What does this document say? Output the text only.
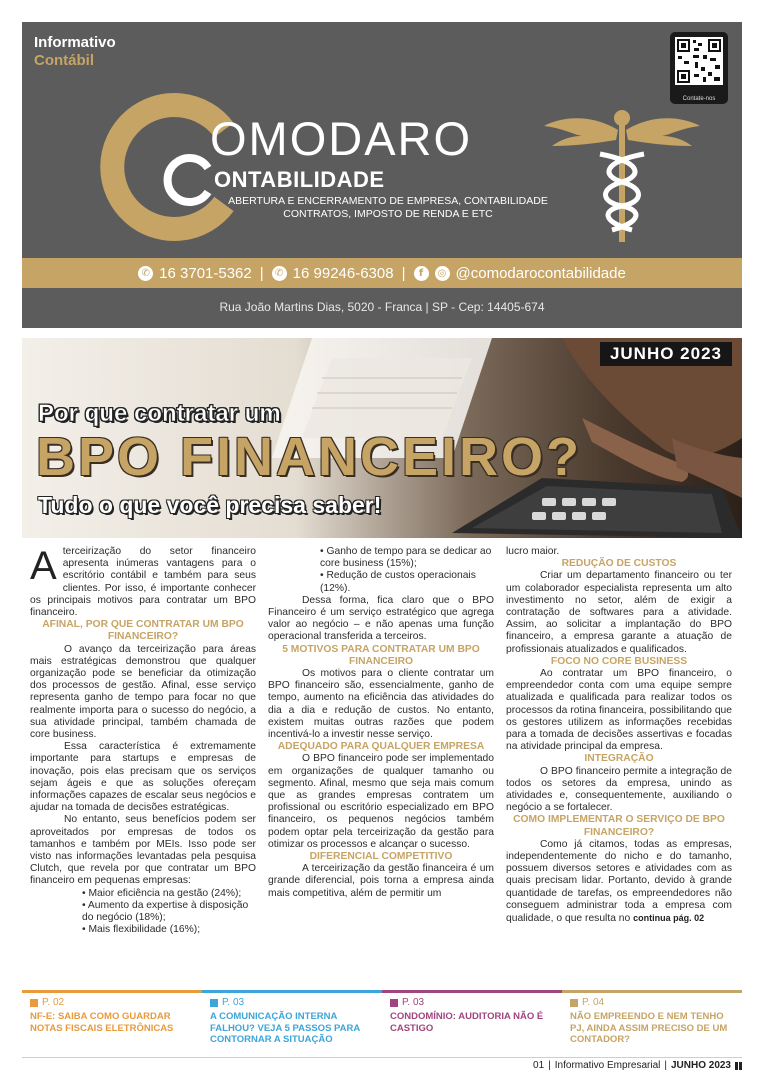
Informativo
Contábil
Contate-nos
OMODARO
ONTABILIDADE
ABERTURA E ENCERRAMENTO DE EMPRESA, CONTABILIDADE
CONTRATOS, IMPOSTO DE RENDA E ETC
✆ 16 3701-5362 |	✆ 16 99246-6308 |	f	◎ @comodarocontabilidade
Rua João Martins Dias, 5020 - Franca | SP - Cep: 14405-674
JUNHO 2023
Por que contratar um
BPO FINANCEIRO?
Tudo o que você precisa saber!

Aterceirização do setor financeiro apresenta inúmeras vantagens para o escritório contábil e também para seus clientes. Por isso, é importante conhecer os principais motivos para contratar um BPO financeiro.

AFINAL, POR QUE CONTRATAR UM BPO FINANCEIRO?

O avanço da terceirização para áreas mais estratégicas demonstrou que qualquer organização pode se beneficiar da otimização dos processos de gestão. Afinal, esse serviço representa ganho de tempo para focar no que realmente importa para o sucesso do negócio, a sua atividade principal, também chamada de core business.

Essa característica é extremamente importante para startups e empresas de inovação, pois elas precisam que os serviços sejam ágeis e que as soluções ofereçam informações capazes de escalar seus negócios e ajudar na tomada de decisões estratégicas.

No entanto, seus benefícios podem ser aproveitados por empresas de todos os tamanhos e também por MEIs. Isso pode ser visto nas informações levantadas pela pesquisa Clutch, que revela por que contratar um BPO financeiro em pequenas empresas:

• Maior eficiência na gestão (24%);

• Aumento da expertise à disposição do negócio (18%);

• Mais flexibilidade (16%);

• Ganho de tempo para se dedicar ao core business (15%);

• Redução de custos operacionais (12%).

Dessa forma, fica claro que o BPO Financeiro é um serviço estratégico que agrega valor ao negócio – e não apenas uma função operacional transferida a terceiros.

5 MOTIVOS PARA CONTRATAR UM BPO FINANCEIRO

Os motivos para o cliente contratar um BPO financeiro são, essencialmente, ganho de tempo, aumento na eficiência das atividades do dia a dia e redução de custos. No entanto, existem muitas outras razões que podem incentivá-lo a investir nesse serviço.

ADEQUADO PARA QUALQUER EMPRESA

O BPO financeiro pode ser implementado em organizações de qualquer tamanho ou segmento. Afinal, mesmo que seja mais comum que as grandes empresas contratem um profissional ou escritório especializado em BPO financeiro, os pequenos negócios também podem optar pela terceirização da gestão para otimizar os processos e alcançar o sucesso.

DIFERENCIAL COMPETITIVO

A terceirização da gestão financeira é um grande diferencial, pois torna a empresa ainda mais competitiva, além de permitir um

lucro maior.

REDUÇÃO DE CUSTOS

Criar um departamento financeiro ou ter um colaborador especialista representa um alto investimento no setor, além de exigir a contratação de softwares para a atividade. Assim, ao solicitar a implantação do BPO financeiro, a empresa garante a atuação de profissionais atualizados e qualificados.

FOCO NO CORE BUSINESS

Ao contratar um BPO financeiro, o empreendedor conta com uma equipe sempre atualizada e qualificada para realizar todos os processos da rotina financeira, possibilitando que os gestores utilizem as informações recebidas para a tomada de decisões assertivas e focadas na atividade principal da empresa.

INTEGRAÇÃO

O BPO financeiro permite a integração de todos os setores da empresa, unindo as atividades e, consequentemente, auxiliando o negócio a se fortalecer.

COMO IMPLEMENTAR O SERVIÇO DE BPO FINANCEIRO?

Como já citamos, todas as empresas, independentemente do nicho e do tamanho, possuem diversos setores e atividades com as quais precisam lidar. Portanto, devido à grande quantidade de tarefas, os empreendedores não conseguem administrar toda a empresa com qualidade, o que resulta no continua pág. 02

P. 02
NF-E: SAIBA COMO GUARDAR NOTAS FISCAIS ELETRÔNICAS
P. 03
A COMUNICAÇÃO INTERNA FALHOU? VEJA 5 PASSOS PARA CONTORNAR A SITUAÇÃO
P. 03
CONDOMÍNIO: AUDITORIA NÃO É CASTIGO
P. 04
NÃO EMPREENDO E NEM TENHO PJ, AINDA ASSIM PRECISO DE UM CONTADOR?
01 | Informativo Empresarial | JUNHO 2023
